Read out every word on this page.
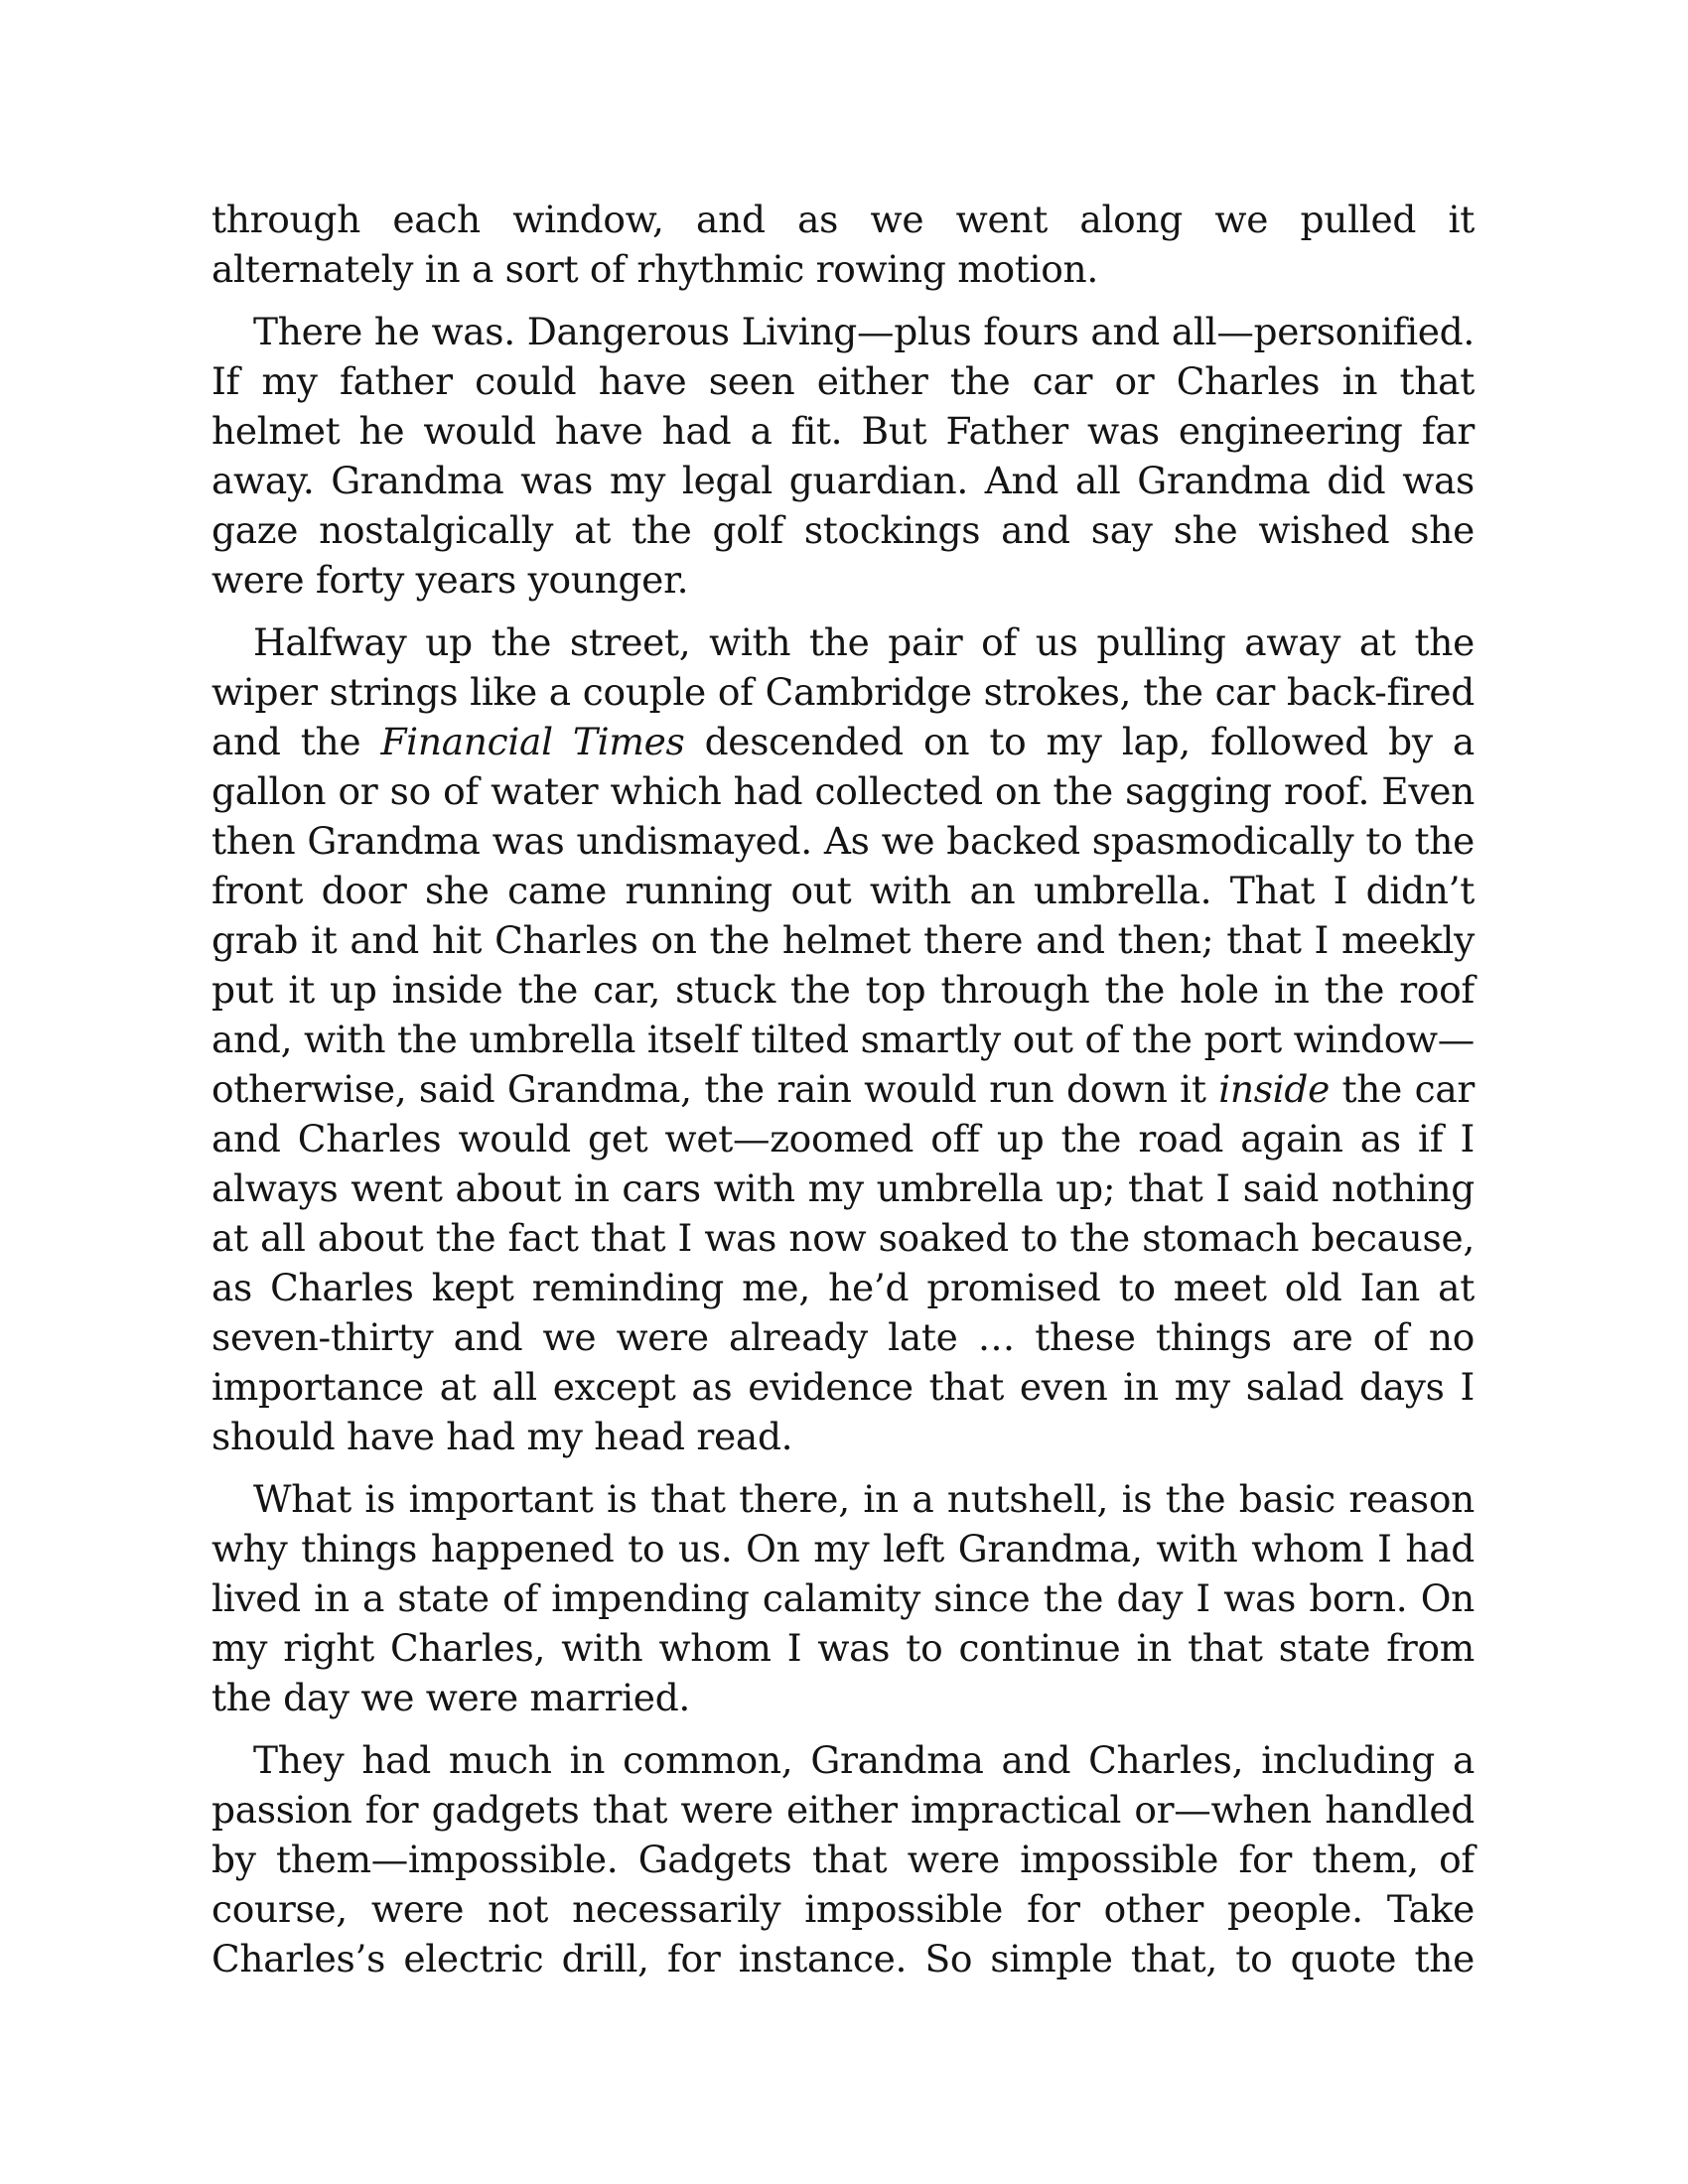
through each window, and as we went along we pulled it alternately in a sort of rhythmic rowing motion.

There he was. Dangerous Living—plus fours and all—personified. If my father could have seen either the car or Charles in that helmet he would have had a fit. But Father was engineering far away. Grandma was my legal guardian. And all Grandma did was gaze nostalgically at the golf stockings and say she wished she were forty years younger.

Halfway up the street, with the pair of us pulling away at the wiper strings like a couple of Cambridge strokes, the car back-fired and the Financial Times descended on to my lap, followed by a gallon or so of water which had collected on the sagging roof. Even then Grandma was undismayed. As we backed spasmodically to the front door she came running out with an umbrella. That I didn’t grab it and hit Charles on the helmet there and then; that I meekly put it up inside the car, stuck the top through the hole in the roof and, with the umbrella itself tilted smartly out of the port window—otherwise, said Grandma, the rain would run down it inside the car and Charles would get wet—zoomed off up the road again as if I always went about in cars with my umbrella up; that I said nothing at all about the fact that I was now soaked to the stomach because, as Charles kept reminding me, he’d promised to meet old Ian at seven-thirty and we were already late … these things are of no importance at all except as evidence that even in my salad days I should have had my head read.

What is important is that there, in a nutshell, is the basic reason why things happened to us. On my left Grandma, with whom I had lived in a state of impending calamity since the day I was born. On my right Charles, with whom I was to continue in that state from the day we were married.

They had much in common, Grandma and Charles, including a passion for gadgets that were either impractical or—when handled by them—impossible. Gadgets that were impossible for them, of course, were not necessarily impossible for other people. Take Charles’s electric drill, for instance. So simple that, to quote the
